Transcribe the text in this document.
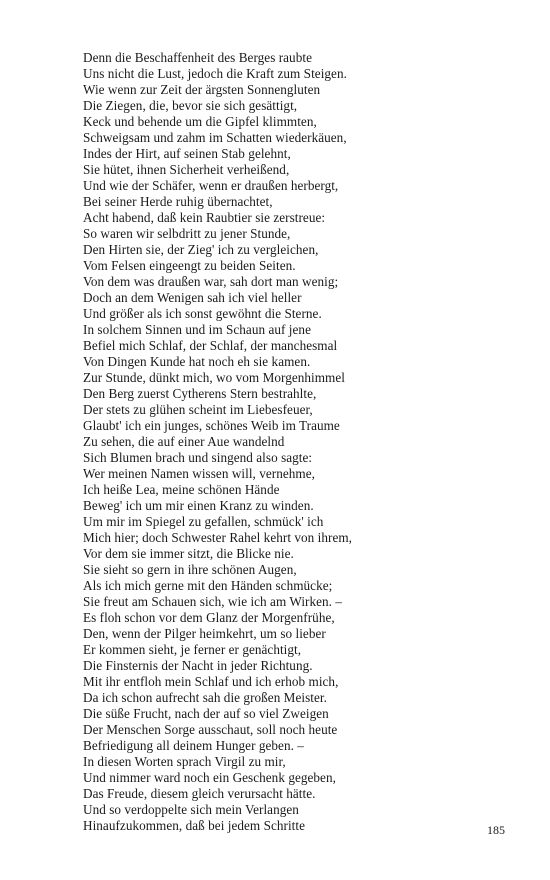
Denn die Beschaffenheit des Berges raubte
Uns nicht die Lust, jedoch die Kraft zum Steigen.
Wie wenn zur Zeit der ärgsten Sonnengluten
Die Ziegen, die, bevor sie sich gesättigt,
Keck und behende um die Gipfel klimmten,
Schweigsam und zahm im Schatten wiederkäuen,
Indes der Hirt, auf seinen Stab gelehnt,
Sie hütet, ihnen Sicherheit verheißend,
Und wie der Schäfer, wenn er draußen herbergt,
Bei seiner Herde ruhig übernachtet,
Acht habend, daß kein Raubtier sie zerstreue:
So waren wir selbdritt zu jener Stunde,
Den Hirten sie, der Zieg' ich zu vergleichen,
Vom Felsen eingeengt zu beiden Seiten.
Von dem was draußen war, sah dort man wenig;
Doch an dem Wenigen sah ich viel heller
Und größer als ich sonst gewöhnt die Sterne.
In solchem Sinnen und im Schaun auf jene
Befiel mich Schlaf, der Schlaf, der manchesmal
Von Dingen Kunde hat noch eh sie kamen.
Zur Stunde, dünkt mich, wo vom Morgenhimmel
Den Berg zuerst Cytherens Stern bestrahlte,
Der stets zu glühen scheint im Liebesfeuer,
Glaubt' ich ein junges, schönes Weib im Traume
Zu sehen, die auf einer Aue wandelnd
Sich Blumen brach und singend also sagte:
Wer meinen Namen wissen will, vernehme,
Ich heiße Lea, meine schönen Hände
Beweg' ich um mir einen Kranz zu winden.
Um mir im Spiegel zu gefallen, schmück' ich
Mich hier; doch Schwester Rahel kehrt von ihrem,
Vor dem sie immer sitzt, die Blicke nie.
Sie sieht so gern in ihre schönen Augen,
Als ich mich gerne mit den Händen schmücke;
Sie freut am Schauen sich, wie ich am Wirken. –
Es floh schon vor dem Glanz der Morgenfrühe,
Den, wenn der Pilger heimkehrt, um so lieber
Er kommen sieht, je ferner er genächtigt,
Die Finsternis der Nacht in jeder Richtung.
Mit ihr entfloh mein Schlaf und ich erhob mich,
Da ich schon aufrecht sah die großen Meister.
Die süße Frucht, nach der auf so viel Zweigen
Der Menschen Sorge ausschaut, soll noch heute
Befriedigung all deinem Hunger geben. –
In diesen Worten sprach Virgil zu mir,
Und nimmer ward noch ein Geschenk gegeben,
Das Freude, diesem gleich verursacht hätte.
Und so verdoppelte sich mein Verlangen
Hinaufzukommen, daß bei jedem Schritte	185
